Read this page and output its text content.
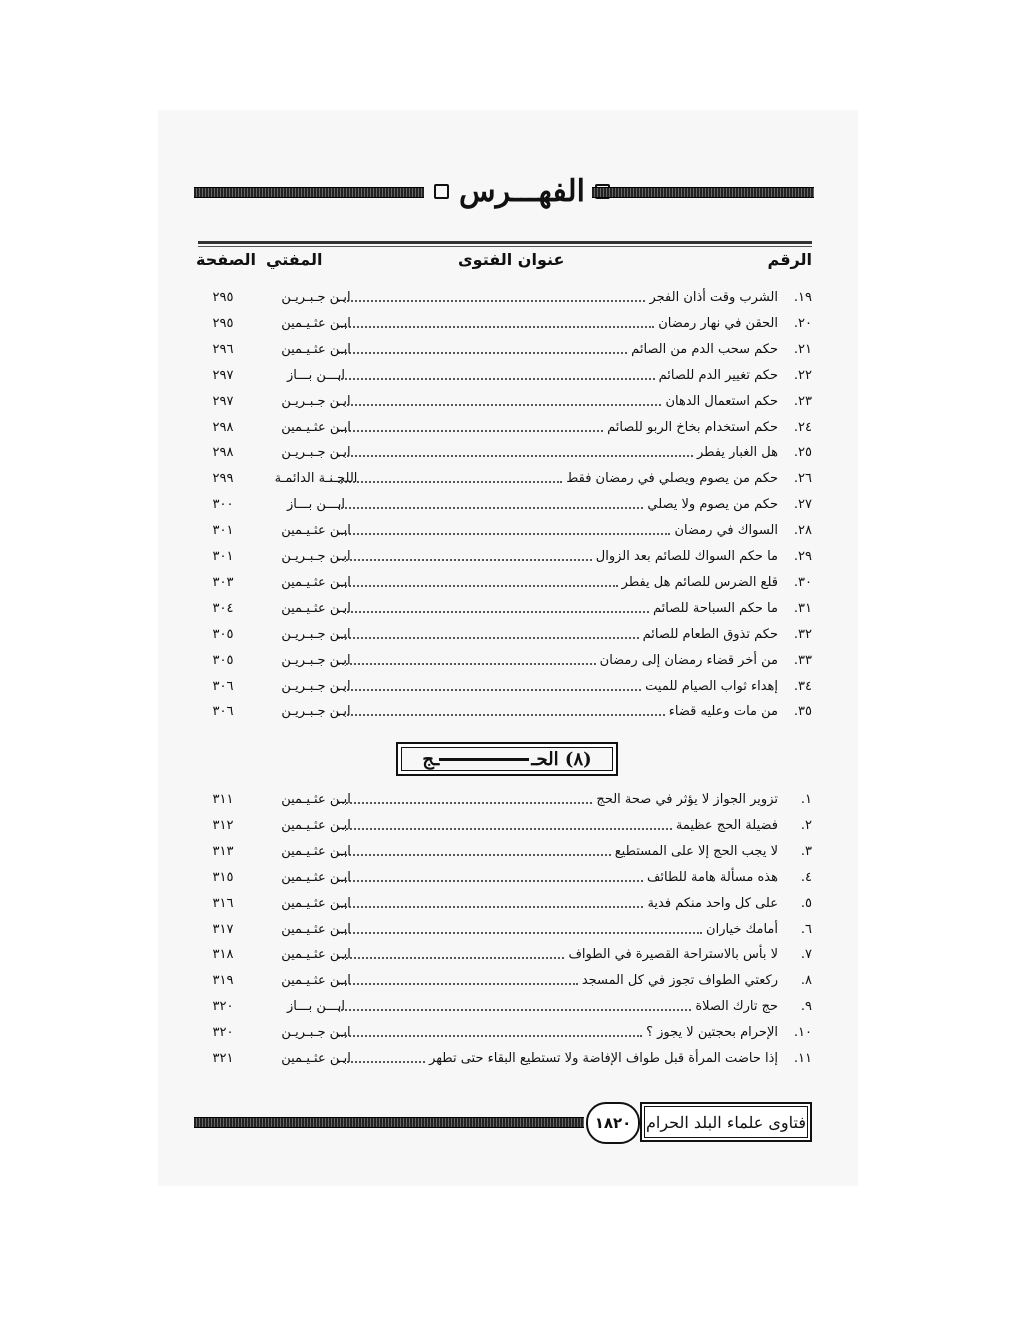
الفهـــرس
الرقم
عنوان الفتوى
المفتي
الصفحة
١٩.
الشرب وقت أذان الفجر
ابـن جـبـريـن
٢٩٥
٢٠.
الحقن في نهار رمضان
ابـن عثـيـمين
٢٩٥
٢١.
حكم سحب الدم من الصائم
ابـن عثـيـمين
٢٩٦
٢٢.
حكم تغيير الدم للصائم
ابـــن بـــاز
٢٩٧
٢٣.
حكم استعمال الدهان
ابـن جـبـريـن
٢٩٧
٢٤.
حكم استخدام بخاخ الربو للصائم
ابـن عثـيـمين
٢٩٨
٢٥.
هل الغبار يفطر
ابـن جـبـريـن
٢٩٨
٢٦.
حكم من يصوم ويصلي في رمضان فقط
اللجـنـة الدائمـة
٢٩٩
٢٧.
حكم من يصوم ولا يصلي
ابـــن بـــاز
٣٠٠
٢٨.
السواك في رمضان
ابـن عثـيـمين
٣٠١
٢٩.
ما حكم السواك للصائم بعد الزوال
ابـن جـبـريـن
٣٠١
٣٠.
قلع الضرس للصائم هل يفطر
ابـن عثـيـمين
٣٠٣
٣١.
ما حكم السباحة للصائم
ابـن عثـيـمين
٣٠٤
٣٢.
حكم تذوق الطعام للصائم
ابـن جـبـريـن
٣٠٥
٣٣.
من أخر قضاء رمضان إلى رمضان
ابـن جـبـريـن
٣٠٥
٣٤.
إهداء ثواب الصيام للميت
ابـن جـبـريـن
٣٠٦
٣٥.
من مات وعليه قضاء
ابـن جـبـريـن
٣٠٦
(٨) الحـ
ـج
١.
تزوير الجواز لا يؤثر في صحة الحج
ابـن عثـيـمين
٣١١
٢.
فضيلة الحج عظيمة
ابـن عثـيـمين
٣١٢
٣.
لا يجب الحج إلا على المستطيع
ابـن عثـيـمين
٣١٣
٤.
هذه مسألة هامة للطائف
ابـن عثـيـمين
٣١٥
٥.
على كل واحد منكم فدية
ابـن عثـيـمين
٣١٦
٦.
أمامك خياران
ابـن عثـيـمين
٣١٧
٧.
لا بأس بالاستراحة القصيرة في الطواف
ابـن عثـيـمين
٣١٨
٨.
ركعتي الطواف تجوز في كل المسجد
ابـن عثـيـمين
٣١٩
٩.
حج تارك الصلاة
ابـــن بـــاز
٣٢٠
١٠.
الإحرام بحجتين لا يجوز ؟
ابـن جـبـريـن
٣٢٠
١١.
إذا حاضت المرأة قبل طواف الإفاضة ولا تستطيع البقاء حتى تطهر
ابـن عثـيـمين
٣٢١
١٨٢٠ فتاوى علماء البلد الحرام
